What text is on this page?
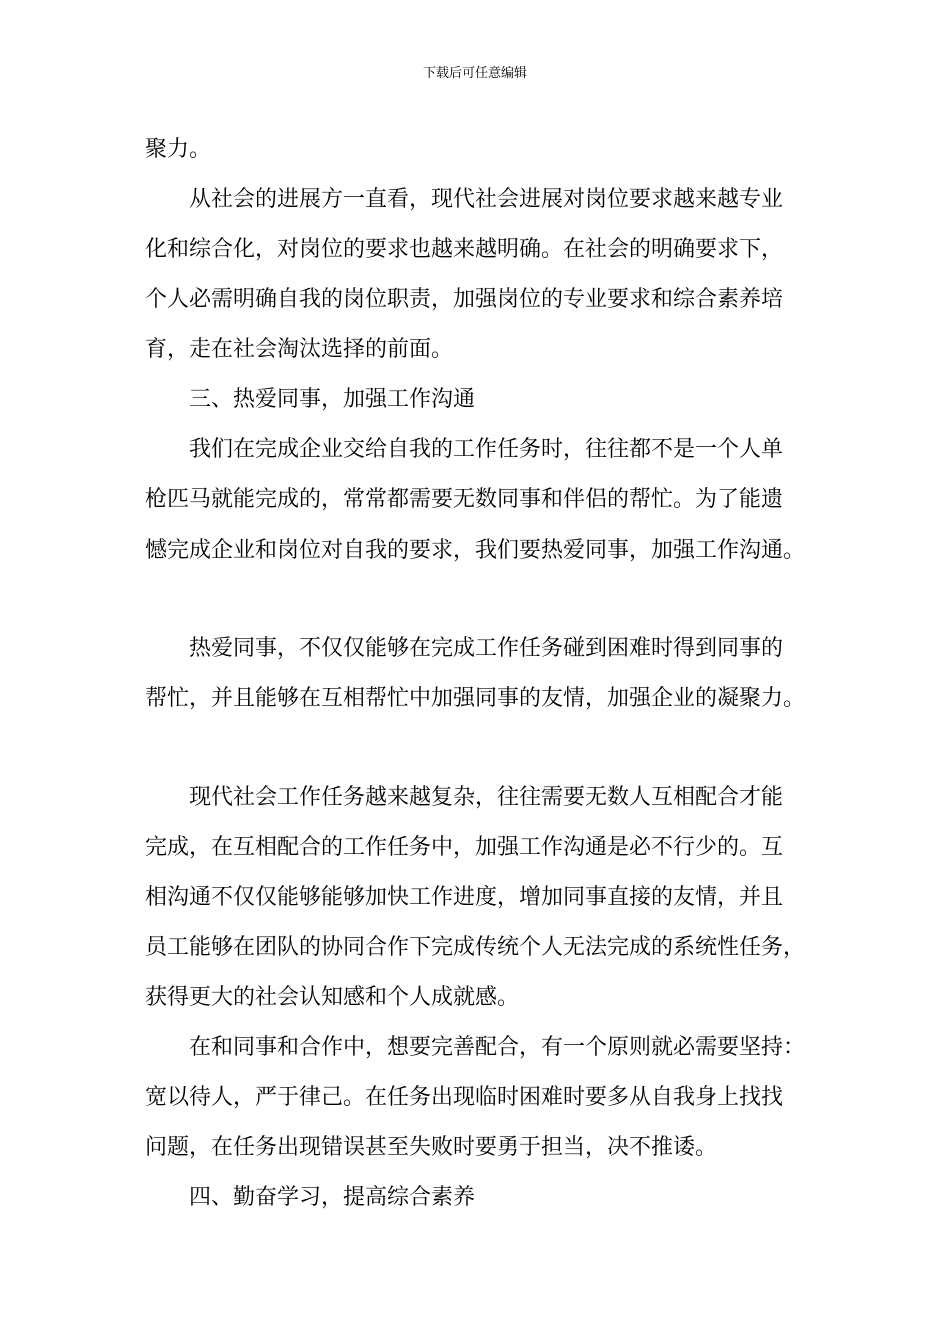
下载后可任意编辑
聚力。
从社会的进展方一直看，现代社会进展对岗位要求越来越专业
化和综合化，对岗位的要求也越来越明确。在社会的明确要求下，
个人必需明确自我的岗位职责，加强岗位的专业要求和综合素养培
育，走在社会淘汰选择的前面。
三、热爱同事，加强工作沟通
我们在完成企业交给自我的工作任务时，往往都不是一个人单
枪匹马就能完成的，常常都需要无数同事和伴侣的帮忙。为了能遗
憾完成企业和岗位对自我的要求，我们要热爱同事，加强工作沟通。
热爱同事，不仅仅能够在完成工作任务碰到困难时得到同事的
帮忙，并且能够在互相帮忙中加强同事的友情，加强企业的凝聚力。
现代社会工作任务越来越复杂，往往需要无数人互相配合才能
完成，在互相配合的工作任务中，加强工作沟通是必不行少的。互
相沟通不仅仅能够能够加快工作进度，增加同事直接的友情，并且
员工能够在团队的协同合作下完成传统个人无法完成的系统性任务，
获得更大的社会认知感和个人成就感。
在和同事和合作中，想要完善配合，有一个原则就必需要坚持：
宽以待人，严于律己。在任务出现临时困难时要多从自我身上找找
问题，在任务出现错误甚至失败时要勇于担当，决不推诿。
四、勤奋学习，提高综合素养
